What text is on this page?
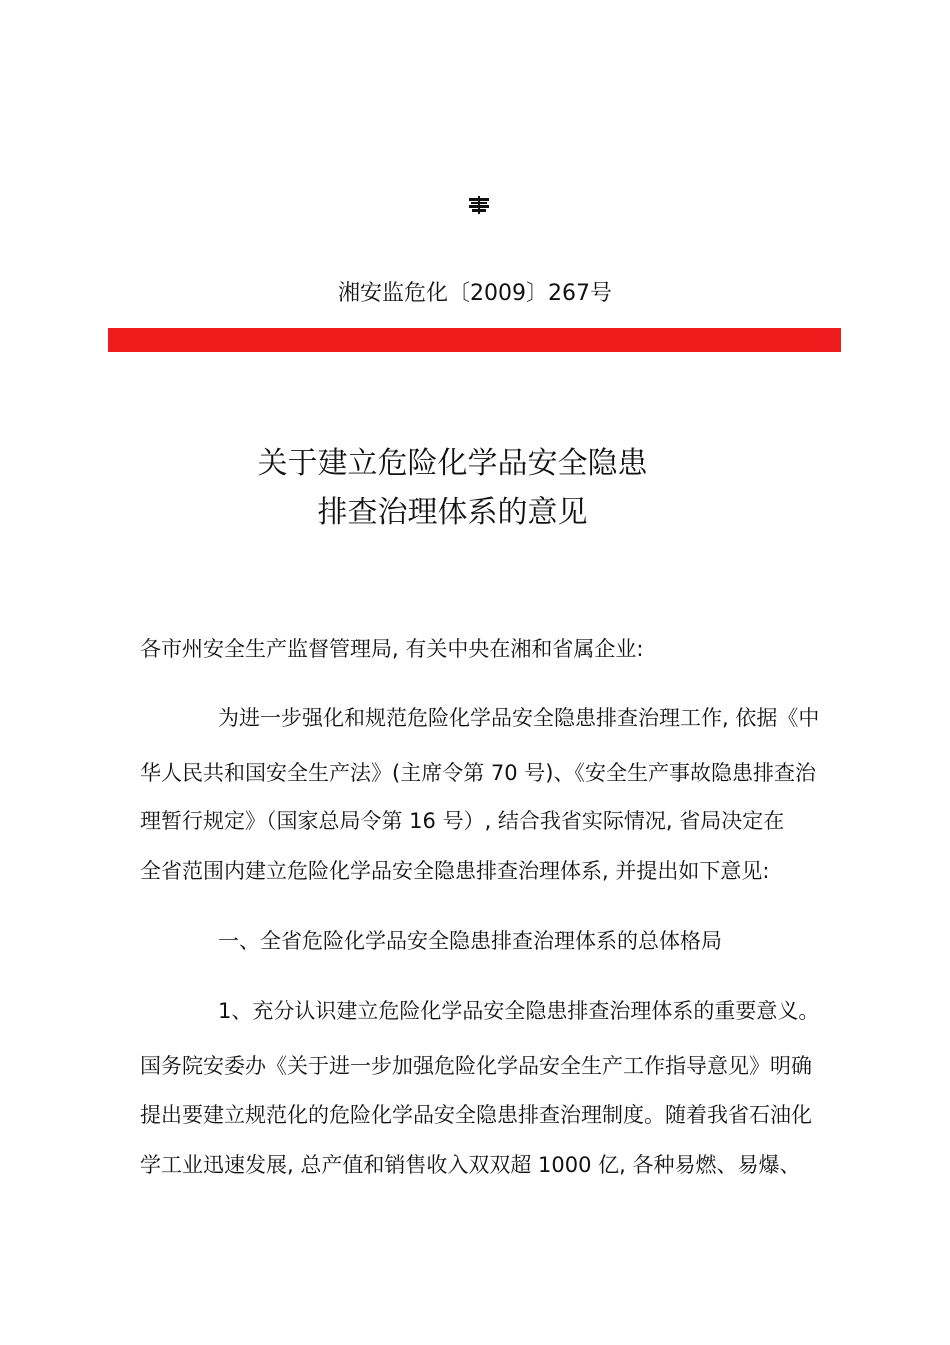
湘安监危化〔2009〕267号
关于建立危险化学品安全隐患
排查治理体系的意见
各市州安全生产监督管理局, 有关中央在湘和省属企业:
为进一步强化和规范危险化学品安全隐患排查治理工作, 依据《中
华人民共和国安全生产法》(主席令第 70 号)、《安全生产事故隐患排查治
理暂行规定》（国家总局令第 16 号）, 结合我省实际情况, 省局决定在
全省范围内建立危险化学品安全隐患排查治理体系, 并提出如下意见:
一、全省危险化学品安全隐患排查治理体系的总体格局
1、充分认识建立危险化学品安全隐患排查治理体系的重要意义。
国务院安委办《关于进一步加强危险化学品安全生产工作指导意见》明确
提出要建立规范化的危险化学品安全隐患排查治理制度。随着我省石油化
学工业迅速发展, 总产值和销售收入双双超 1000 亿, 各种易燃、易爆、
